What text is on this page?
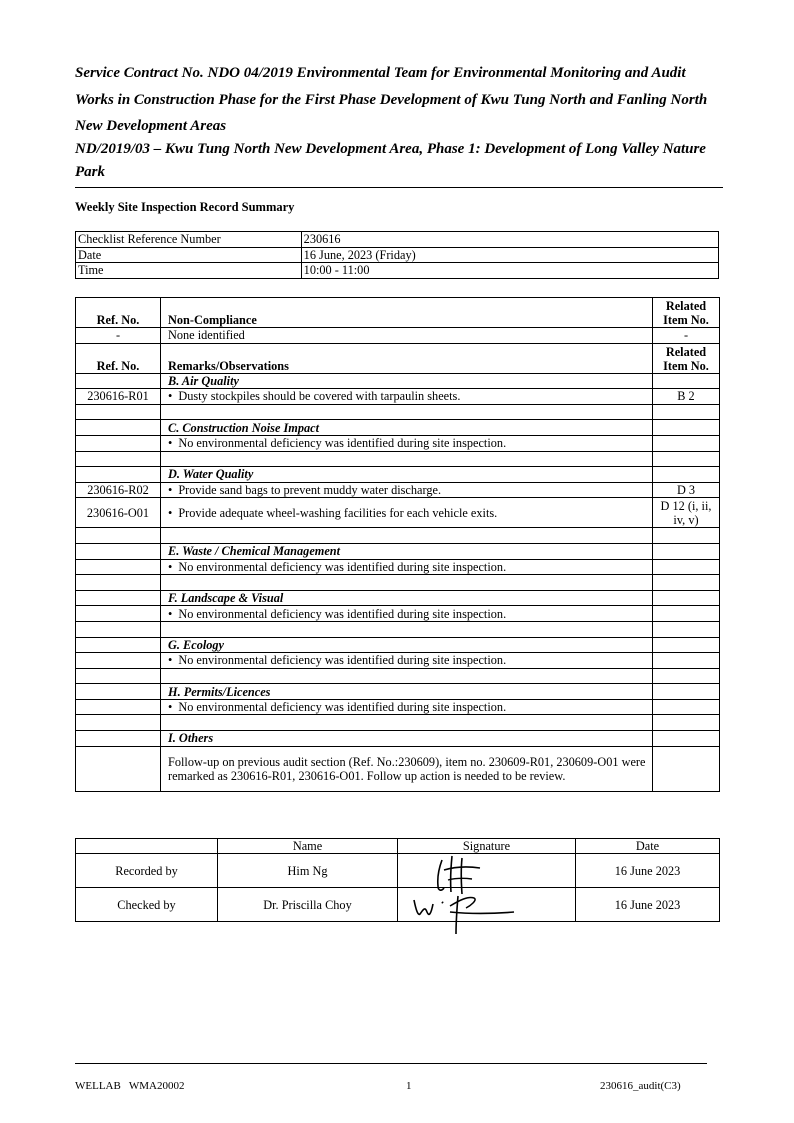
Service Contract No. NDO 04/2019 Environmental Team for Environmental Monitoring and Audit Works in Construction Phase for the First Phase Development of Kwu Tung North and Fanling North New Development Areas
ND/2019/03 – Kwu Tung North New Development Area, Phase 1: Development of Long Valley Nature Park
Weekly Site Inspection Record Summary
Checklist Reference Number	230616
Date	16 June, 2023 (Friday)
Time	10:00 - 11:00
Ref. No.	Non-Compliance	Related Item No.
-	None identified	-
Ref. No.	Remarks/Observations	Related Item No.
	B. Air Quality	
230616-R01	• Dusty stockpiles should be covered with tarpaulin sheets.	B 2

	C. Construction Noise Impact	
	• No environmental deficiency was identified during site inspection.	

	D. Water Quality	
230616-R02	• Provide sand bags to prevent muddy water discharge.	D 3
230616-O01	• Provide adequate wheel-washing facilities for each vehicle exits.	D 12 (i, ii, iv, v)

	E. Waste / Chemical Management	
	• No environmental deficiency was identified during site inspection.	

	F. Landscape & Visual	
	• No environmental deficiency was identified during site inspection.	

	G. Ecology	
	• No environmental deficiency was identified during site inspection.	

	H. Permits/Licences	
	• No environmental deficiency was identified during site inspection.	

	I. Others	
	Follow-up on previous audit section (Ref. No.:230609), item no. 230609-R01, 230609-O01 were remarked as 230616-R01, 230616-O01. Follow up action is needed to be review.	
	Name	Signature	Date
Recorded by	Him Ng		16 June 2023
Checked by	Dr. Priscilla Choy		16 June 2023
WELLAB   WMA20002	1	230616_audit(C3)
